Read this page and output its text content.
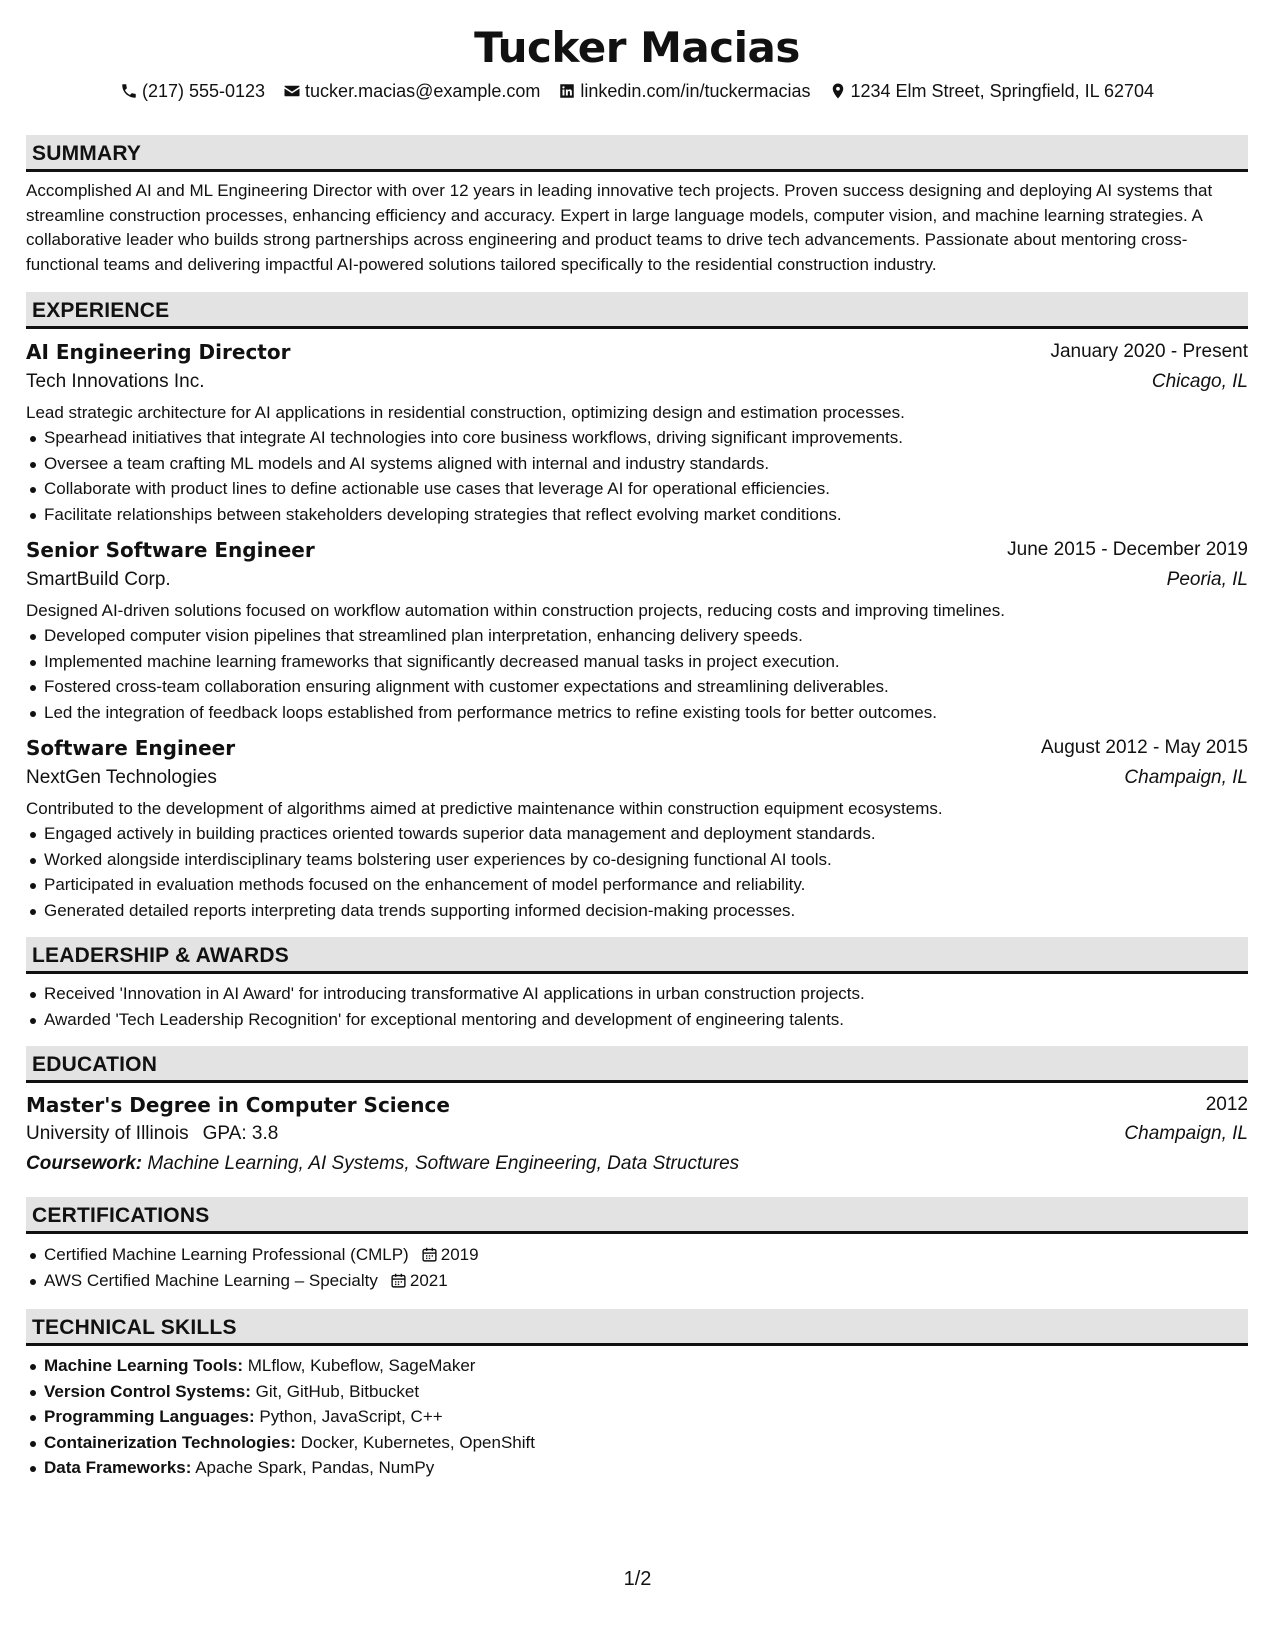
Tucker Macias
(217) 555-0123 tucker.macias@example.com linkedin.com/in/tuckermacias 1234 Elm Street, Springfield, IL 62704
SUMMARY

Accomplished AI and ML Engineering Director with over 12 years in leading innovative tech projects. Proven success designing and deploying AI systems that streamline construction processes, enhancing efficiency and accuracy. Expert in large language models, computer vision, and machine learning strategies. A collaborative leader who builds strong partnerships across engineering and product teams to drive tech advancements. Passionate about mentoring cross-functional teams and delivering impactful AI-powered solutions tailored specifically to the residential construction industry.

EXPERIENCE
AI Engineering Director	January 2020 - Present
Tech Innovations Inc.	Chicago, IL

Lead strategic architecture for AI applications in residential construction, optimizing design and estimation processes.

Spearhead initiatives that integrate AI technologies into core business workflows, driving significant improvements.
Oversee a team crafting ML models and AI systems aligned with internal and industry standards.
Collaborate with product lines to define actionable use cases that leverage AI for operational efficiencies.
Facilitate relationships between stakeholders developing strategies that reflect evolving market conditions.
Senior Software Engineer	June 2015 - December 2019
SmartBuild Corp.	Peoria, IL

Designed AI-driven solutions focused on workflow automation within construction projects, reducing costs and improving timelines.

Developed computer vision pipelines that streamlined plan interpretation, enhancing delivery speeds.
Implemented machine learning frameworks that significantly decreased manual tasks in project execution.
Fostered cross-team collaboration ensuring alignment with customer expectations and streamlining deliverables.
Led the integration of feedback loops established from performance metrics to refine existing tools for better outcomes.
Software Engineer	August 2012 - May 2015
NextGen Technologies	Champaign, IL

Contributed to the development of algorithms aimed at predictive maintenance within construction equipment ecosystems.

Engaged actively in building practices oriented towards superior data management and deployment standards.
Worked alongside interdisciplinary teams bolstering user experiences by co-designing functional AI tools.
Participated in evaluation methods focused on the enhancement of model performance and reliability.
Generated detailed reports interpreting data trends supporting informed decision-making processes.
LEADERSHIP & AWARDS
Received 'Innovation in AI Award' for introducing transformative AI applications in urban construction projects.
Awarded 'Tech Leadership Recognition' for exceptional mentoring and development of engineering talents.
EDUCATION
Master's Degree in Computer Science	2012
University of Illinois GPA: 3.8	Champaign, IL
Coursework: Machine Learning, AI Systems, Software Engineering, Data Structures
CERTIFICATIONS
Certified Machine Learning Professional (CMLP) 2019
AWS Certified Machine Learning – Specialty 2021
TECHNICAL SKILLS
Machine Learning Tools: MLflow, Kubeflow, SageMaker
Version Control Systems: Git, GitHub, Bitbucket
Programming Languages: Python, JavaScript, C++
Containerization Technologies: Docker, Kubernetes, OpenShift
Data Frameworks: Apache Spark, Pandas, NumPy
1/2
